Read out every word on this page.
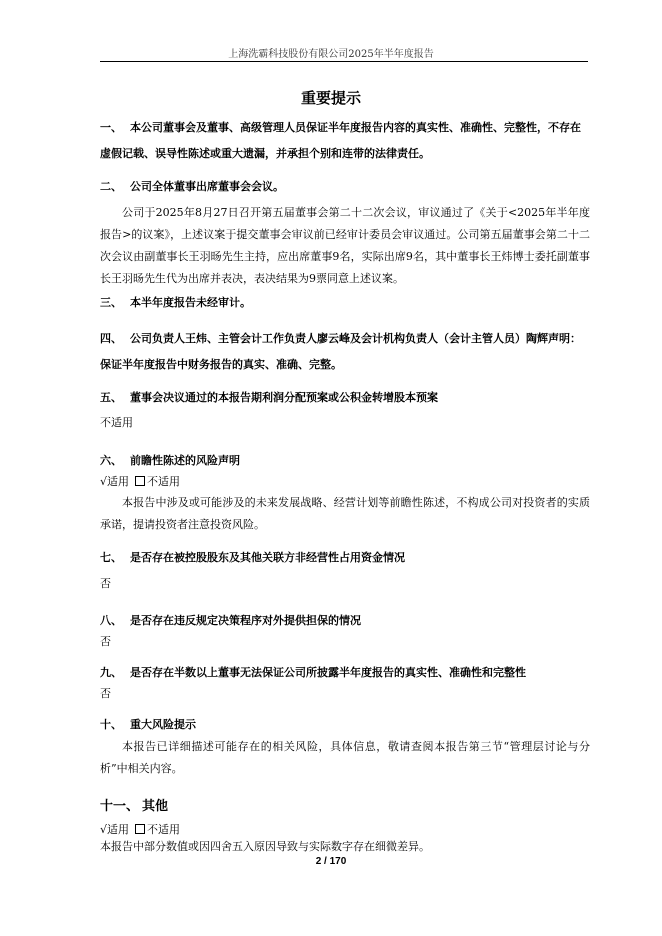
上海洗霸科技股份有限公司2025年半年度报告
重要提示
一、 本公司董事会及董事、高级管理人员保证半年度报告内容的真实性、准确性、完整性，不存在虚假记载、误导性陈述或重大遗漏，并承担个别和连带的法律责任。
二、 公司全体董事出席董事会会议。
公司于2025年8月27日召开第五届董事会第二十二次会议，审议通过了《关于<2025年半年度报告>的议案》，上述议案于提交董事会审议前已经审计委员会审议通过。公司第五届董事会第二十二次会议由副董事长王羽旸先生主持，应出席董事9名，实际出席9名，其中董事长王炜博士委托副董事长王羽旸先生代为出席并表决，表决结果为9票同意上述议案。
三、 本半年度报告未经审计。
四、 公司负责人王炜、主管会计工作负责人廖云峰及会计机构负责人（会计主管人员）陶辉声明：保证半年度报告中财务报告的真实、准确、完整。
五、 董事会决议通过的本报告期利润分配预案或公积金转增股本预案
不适用
六、 前瞻性陈述的风险声明
√适用 不适用
本报告中涉及或可能涉及的未来发展战略、经营计划等前瞻性陈述，不构成公司对投资者的实质承诺，提请投资者注意投资风险。
七、 是否存在被控股股东及其他关联方非经营性占用资金情况
否
八、 是否存在违反规定决策程序对外提供担保的情况
否
九、 是否存在半数以上董事无法保证公司所披露半年度报告的真实性、准确性和完整性
否
十、 重大风险提示
本报告已详细描述可能存在的相关风险，具体信息，敬请查阅本报告第三节“管理层讨论与分析”中相关内容。
十一、 其他
√适用 不适用
本报告中部分数值或因四舍五入原因导致与实际数字存在细微差异。
2 / 170
